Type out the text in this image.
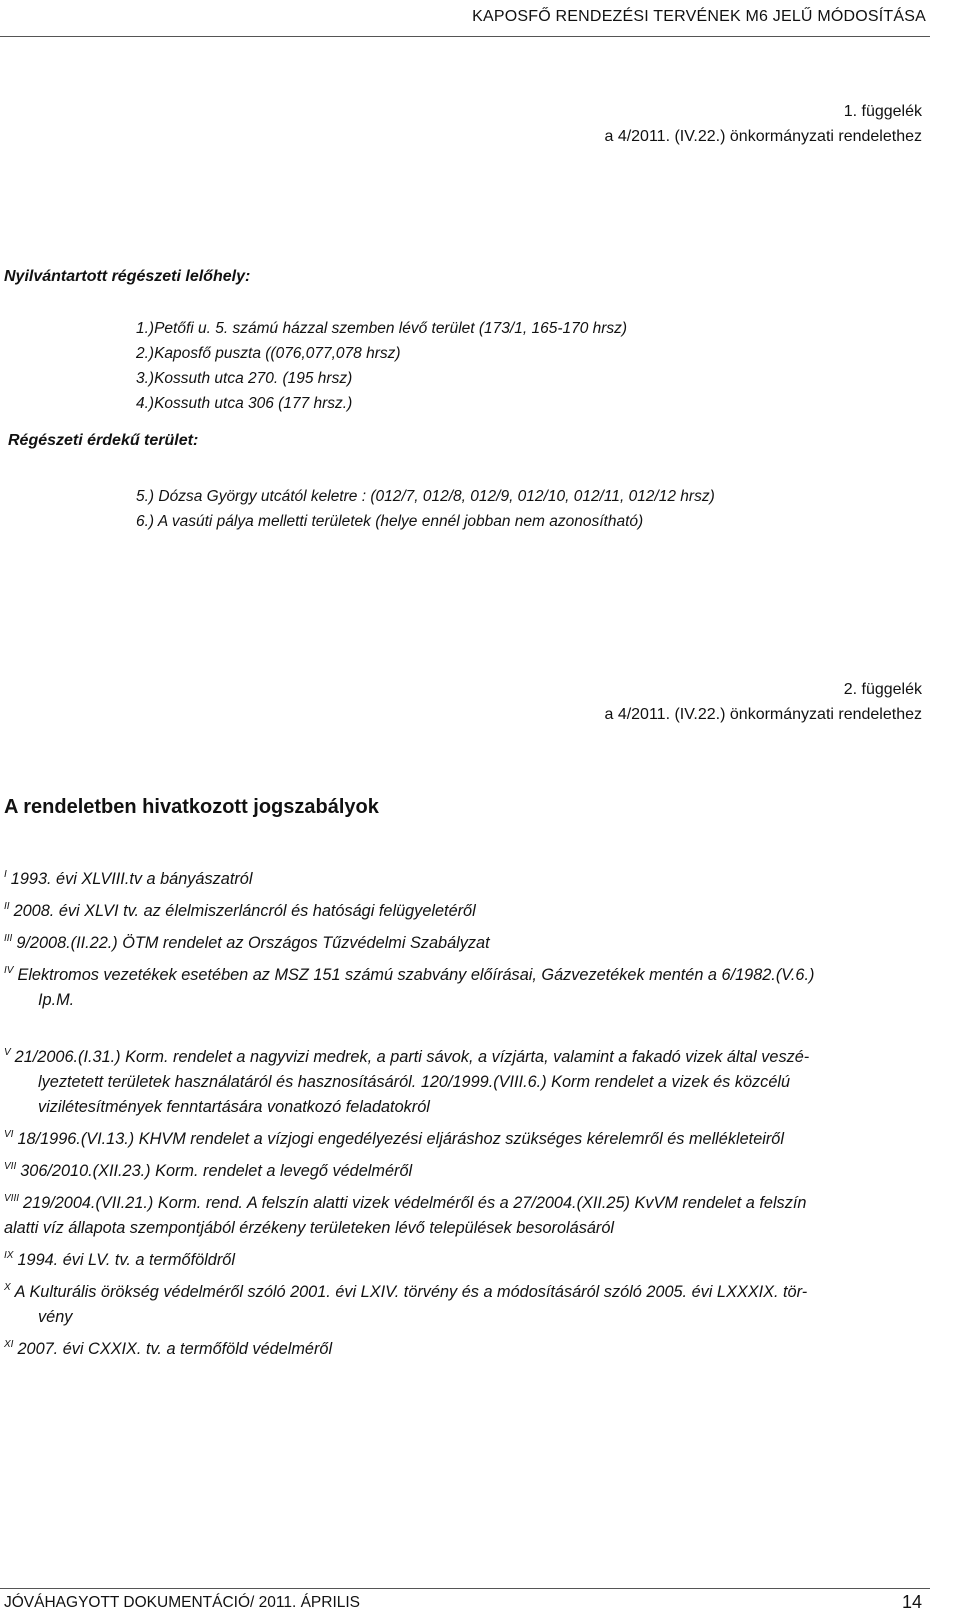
KAPOSFŐ RENDEZÉSI TERVÉNEK M6 JELŰ MÓDOSÍTÁSA
1. függelék
a 4/2011. (IV.22.) önkormányzati rendelethez
Nyilvántartott régészeti lelőhely:
1.)Petőfi u. 5. számú házzal szemben lévő terület (173/1, 165-170 hrsz)
2.)Kaposfő puszta ((076,077,078 hrsz)
3.)Kossuth utca 270. (195 hrsz)
4.)Kossuth utca 306 (177 hrsz.)
Régészeti érdekű terület:
5.) Dózsa György utcától keletre : (012/7, 012/8, 012/9, 012/10, 012/11, 012/12 hrsz)
6.) A vasúti pálya melletti területek (helye ennél jobban nem azonosítható)
2. függelék
a 4/2011. (IV.22.) önkormányzati rendelethez
A rendeletben hivatkozott jogszabályok
$^I$ 1993. évi XLVIII.tv a bányászatról
$^{II}$ 2008. évi XLVI tv. az élelmiszerláncról és hatósági felügyeletéről
$^{III}$ 9/2008.(II.22.) ÖTM rendelet az Országos Tűzvédelmi Szabályzat
$^{IV}$ Elektromos vezetékek esetében az MSZ 151 számú szabvány előírásai, Gázvezetékek mentén a 6/1982.(V.6.)
Ip.M.
$^V$ 21/2006.(I.31.) Korm. rendelet a nagyvizi medrek, a parti sávok, a vízjárta, valamint a fakadó vizek által veszé-
lyeztetett területek használatáról és hasznosításáról. 120/1999.(VIII.6.) Korm rendelet a vizek és közcélú
vizilétesítmények fenntartására vonatkozó feladatokról
$^{VI}$ 18/1996.(VI.13.) KHVM rendelet a vízjogi engedélyezési eljáráshoz szükséges kérelemről és mellékleteiről
$^{VII}$ 306/2010.(XII.23.) Korm. rendelet a levegő védelméről
$^{VIII}$ 219/2004.(VII.21.) Korm. rend. A felszín alatti vizek védelméről és a 27/2004.(XII.25) KvVM rendelet a felszín
alatti víz állapota szempontjából érzékeny területeken lévő települések besorolásáról
$^{IX}$ 1994. évi LV. tv. a termőföldről
$^X$ A Kulturális örökség védelméről szóló 2001. évi LXIV. törvény és a módosításáról szóló 2005. évi LXXXIX. tör-
vény
$^{XI}$ 2007. évi CXXIX. tv. a termőföld védelméről
JÓVÁHAGYOTT DOKUMENTÁCIÓ/ 2011. ÁPRILIS	14
